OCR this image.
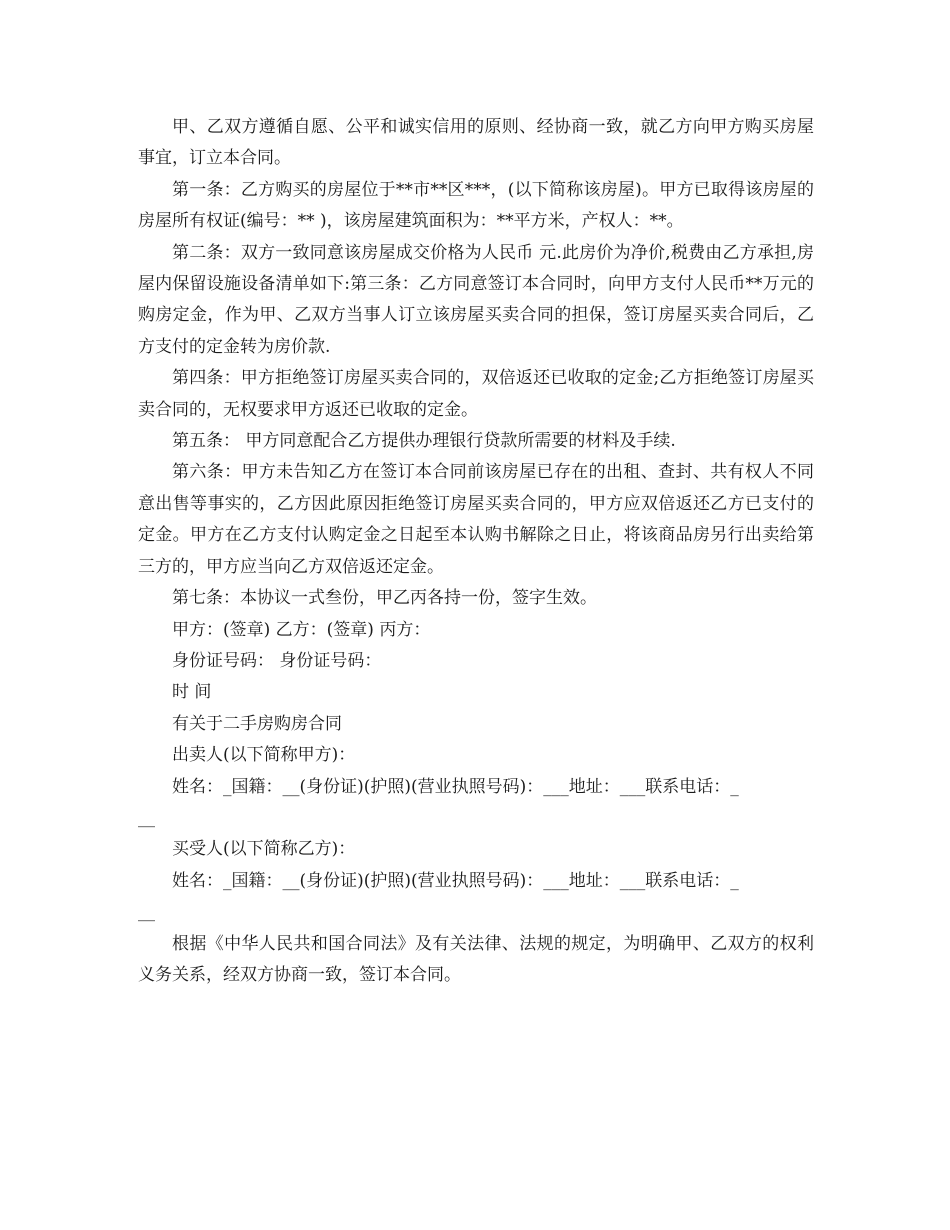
甲、乙双方遵循自愿、公平和诚实信用的原则、经协商一致，就乙方向甲方购买房屋事宜，订立本合同。

第一条：乙方购买的房屋位于**市**区***，(以下简称该房屋)。甲方已取得该房屋的房屋所有权证(编号：** )，该房屋建筑面积为：**平方米，产权人：**。

第二条：双方一致同意该房屋成交价格为人民币 元.此房价为净价,税费由乙方承担,房屋内保留设施设备清单如下:第三条：乙方同意签订本合同时，向甲方支付人民币**万元的购房定金，作为甲、乙双方当事人订立该房屋买卖合同的担保，签订房屋买卖合同后，乙方支付的定金转为房价款.

第四条：甲方拒绝签订房屋买卖合同的，双倍返还已收取的定金;乙方拒绝签订房屋买卖合同的，无权要求甲方返还已收取的定金。

第五条： 甲方同意配合乙方提供办理银行贷款所需要的材料及手续.

第六条：甲方未告知乙方在签订本合同前该房屋已存在的出租、查封、共有权人不同意出售等事实的，乙方因此原因拒绝签订房屋买卖合同的，甲方应双倍返还乙方已支付的定金。甲方在乙方支付认购定金之日起至本认购书解除之日止，将该商品房另行出卖给第三方的，甲方应当向乙方双倍返还定金。

第七条：本协议一式叁份，甲乙丙各持一份，签字生效。

甲方：(签章) 乙方：(签章) 丙方：
身份证号码： 身份证号码：
时 间
有关于二手房购房合同
出卖人(以下简称甲方)：
姓名：_国籍：__(身份证)(护照)(营业执照号码)：___地址：___联系电话：_
__
买受人(以下简称乙方)：
姓名：_国籍：__(身份证)(护照)(营业执照号码)：___地址：___联系电话：_
__

根据《中华人民共和国合同法》及有关法律、法规的规定，为明确甲、乙双方的权利义务关系，经双方协商一致，签订本合同。
